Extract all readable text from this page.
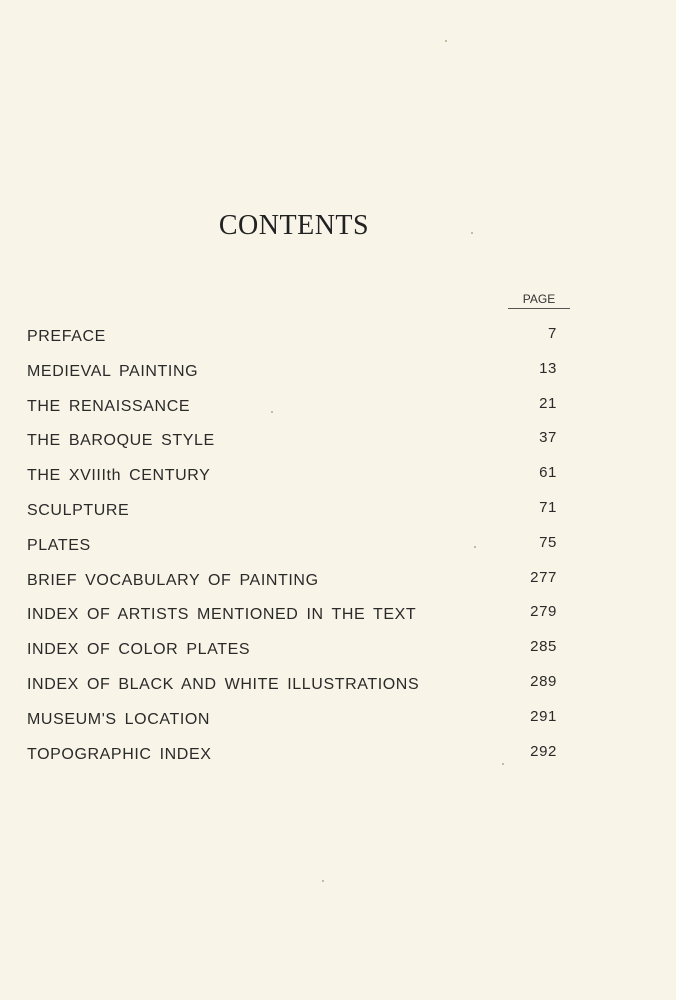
CONTENTS
PAGE
PREFACE	7
MEDIEVAL PAINTING	13
THE RENAISSANCE	21
THE BAROQUE STYLE	37
THE XVIIIth CENTURY	61
SCULPTURE	71
PLATES	75
BRIEF VOCABULARY OF PAINTING	277
INDEX OF ARTISTS MENTIONED IN THE TEXT	279
INDEX OF COLOR PLATES	285
INDEX OF BLACK AND WHITE ILLUSTRATIONS	289
MUSEUM'S LOCATION	291
TOPOGRAPHIC INDEX	292
